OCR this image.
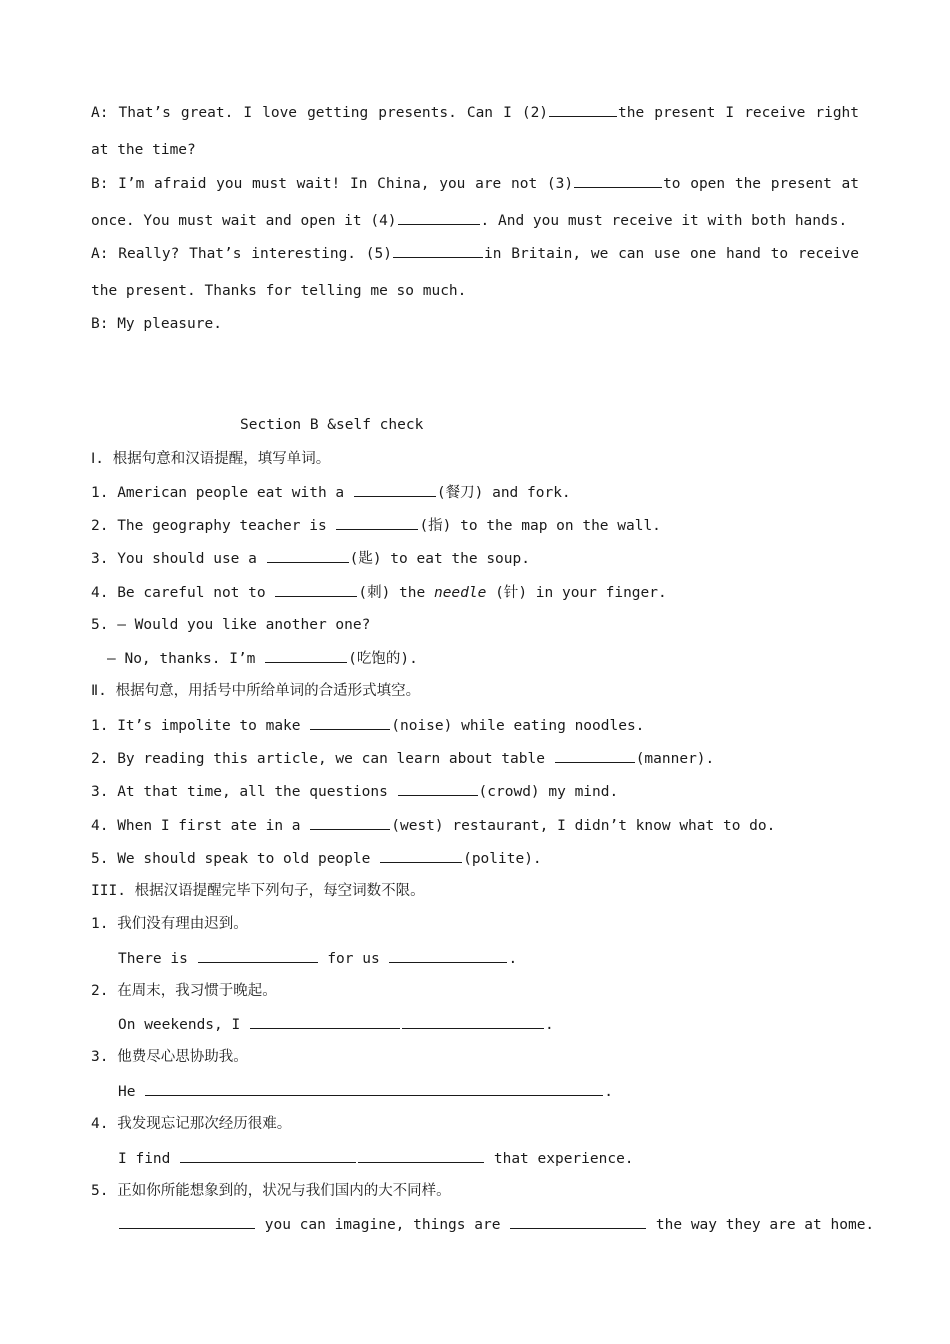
A: That’s great. I love getting presents. Can I (2)	the present I receive right
at the time?
B: I’m afraid you must wait! In China, you are not (3)	to open the present at
once. You must wait and open it (4)	. And you must receive it with both hands.
A: Really? That’s interesting. (5)	in Britain, we can use one hand to receive
the present. Thanks for telling me so much.
B: My pleasure.
Section B &self check
Ⅰ. 根据句意和汉语提醒，填写单词。
1. American people eat with a	(餐刀) and fork.
2. The geography teacher is	(指) to the map on the wall.
3. You should use a	(匙) to eat the soup.
4. Be careful not to	(刺) the needle (针) in your finger.
5. — Would you like another one?
— No, thanks. I’m	(吃饱的).
Ⅱ. 根据句意，用括号中所给单词的合适形式填空。
1. It’s impolite to make	(noise) while eating noodles.
2. By reading this article, we can learn about table	(manner).
3. At that time, all the questions	(crowd) my mind.
4. When I first ate in a	(west) restaurant, I didn’t know what to do.
5. We should speak to old people	(polite).
III. 根据汉语提醒完毕下列句子，每空词数不限。
1. 我们没有理由迟到。
There is	for us	.
2. 在周末，我习惯于晚起。
On weekends, I	.
3. 他费尽心思协助我。
He	.
4. 我发现忘记那次经历很难。
I find	that experience.
5. 正如你所能想象到的，状况与我们国内的大不同样。
you can imagine, things are	the way they are at home.
